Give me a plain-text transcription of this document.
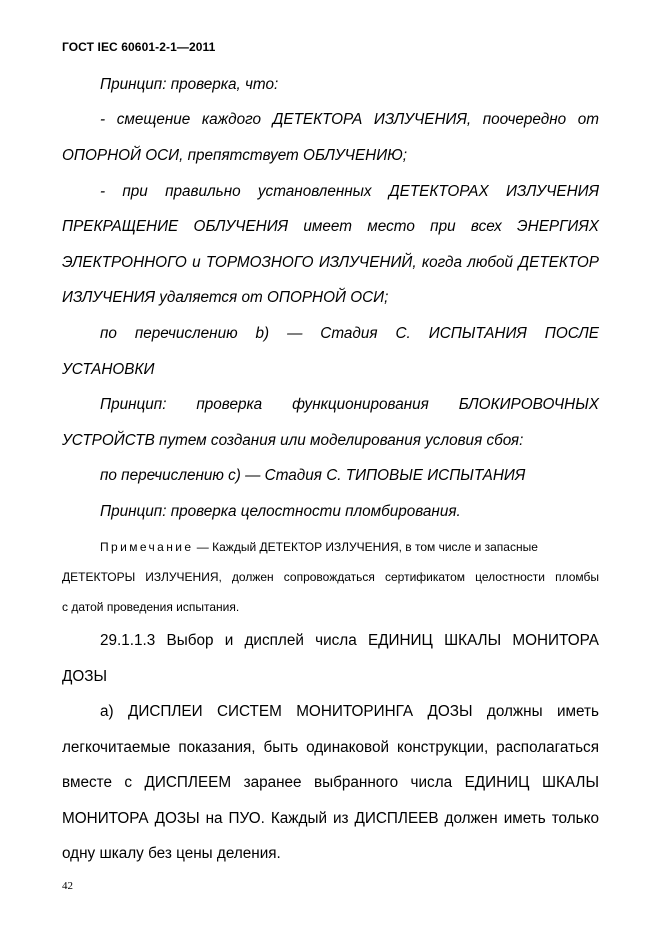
ГОСТ IEC 60601-2-1—2011
Принцип: проверка, что:
- смещение каждого ДЕТЕКТОРА ИЗЛУЧЕНИЯ, поочередно от
ОПОРНОЙ ОСИ, препятствует ОБЛУЧЕНИЮ;
- при правильно установленных ДЕТЕКТОРАХ ИЗЛУЧЕНИЯ
ПРЕКРАЩЕНИЕ ОБЛУЧЕНИЯ имеет место при всех ЭНЕРГИЯХ
ЭЛЕКТРОННОГО и ТОРМОЗНОГО ИЗЛУЧЕНИЙ, когда любой ДЕТЕКТОР
ИЗЛУЧЕНИЯ удаляется от ОПОРНОЙ ОСИ;
по перечислению b) — Стадия С. ИСПЫТАНИЯ ПОСЛЕ
УСТАНОВКИ
Принцип: проверка функционирования БЛОКИРОВОЧНЫХ
УСТРОЙСТВ путем создания или моделирования условия сбоя:
по перечислению с) — Стадия С. ТИПОВЫЕ ИСПЫТАНИЯ
Принцип: проверка целостности пломбирования.
Примечание — Каждый ДЕТЕКТОР ИЗЛУЧЕНИЯ, в том числе и запасные
ДЕТЕКТОРЫ ИЗЛУЧЕНИЯ, должен сопровождаться сертификатом целостности пломбы
с датой проведения испытания.
29.1.1.3 Выбор и дисплей числа ЕДИНИЦ ШКАЛЫ МОНИТОРА
ДОЗЫ
а) ДИСПЛЕИ СИСТЕМ МОНИТОРИНГА ДОЗЫ должны иметь
легкочитаемые показания, быть одинаковой конструкции, располагаться
вместе с ДИСПЛЕЕМ заранее выбранного числа ЕДИНИЦ ШКАЛЫ
МОНИТОРА ДОЗЫ на ПУО. Каждый из ДИСПЛЕЕВ должен иметь только
одну шкалу без цены деления.
42
